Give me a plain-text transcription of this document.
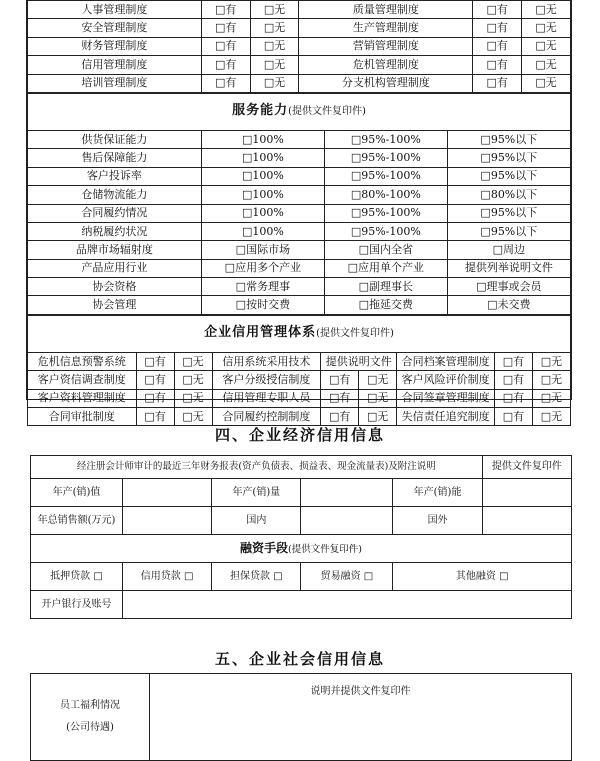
人事管理制度	□有	□无	质量管理制度	□有	□无
安全管理制度	□有	□无	生产管理制度	□有	□无
财务管理制度	□有	□无	营销管理制度	□有	□无
信用管理制度	□有	□无	危机管理制度	□有	□无
培训管理制度	□有	□无	分支机构管理制度	□有	□无
服务能力(提供文件复印件)			
供货保证能力	□100%	□95%-100%	□95%以下
售后保障能力	□100%	□95%-100%	□95%以下
客户投诉率	□100%	□95%-100%	□95%以下
仓储物流能力	□100%	□80%-100%	□80%以下
合同履约情况	□100%	□95%-100%	□95%以下
纳税履约状况	□100%	□95%-100%	□95%以下
品牌市场辐射度	□国际市场	□国内全省	□周边
产品应用行业	□应用多个产业	□应用单个产业	提供列举说明文件
协会资格	□常务理事	□副理事长	□理事或会员
协会管理	□按时交费	□拖延交费	□未交费
企业信用管理体系(提供文件复印件)								
危机信息预警系统	□有	□无	信用系统采用技术	提供说明文件		合同档案管理制度	□有	□无
客户资信调查制度	□有	□无	客户分级授信制度	□有	□无	客户风险评价制度	□有	□无
客户资料管理制度	□有	□无	信用管理专职人员	□有	□无	合同签章管理制度	□有	□无
合同审批制度	□有	□无	合同履约控制制度	□有	□无	失信责任追究制度	□有	□无
四、企业经济信用信息
经注册会计师审计的最近三年财务报表(资产负债表、损益表、现金流量表)及附注说明					提供文件复印件
年产(销)值		年产(销)量		年产(销)能	
年总销售额(万元)		国内		国外	
融资手段(提供文件复印件)					
抵押贷款 □	信用贷款 □	担保贷款 □	贸易融资 □	其他融资 □	
开户银行及账号					
五、企业社会信用信息
员工福利情况
(公司待遇)
	说明并提供文件复印件
